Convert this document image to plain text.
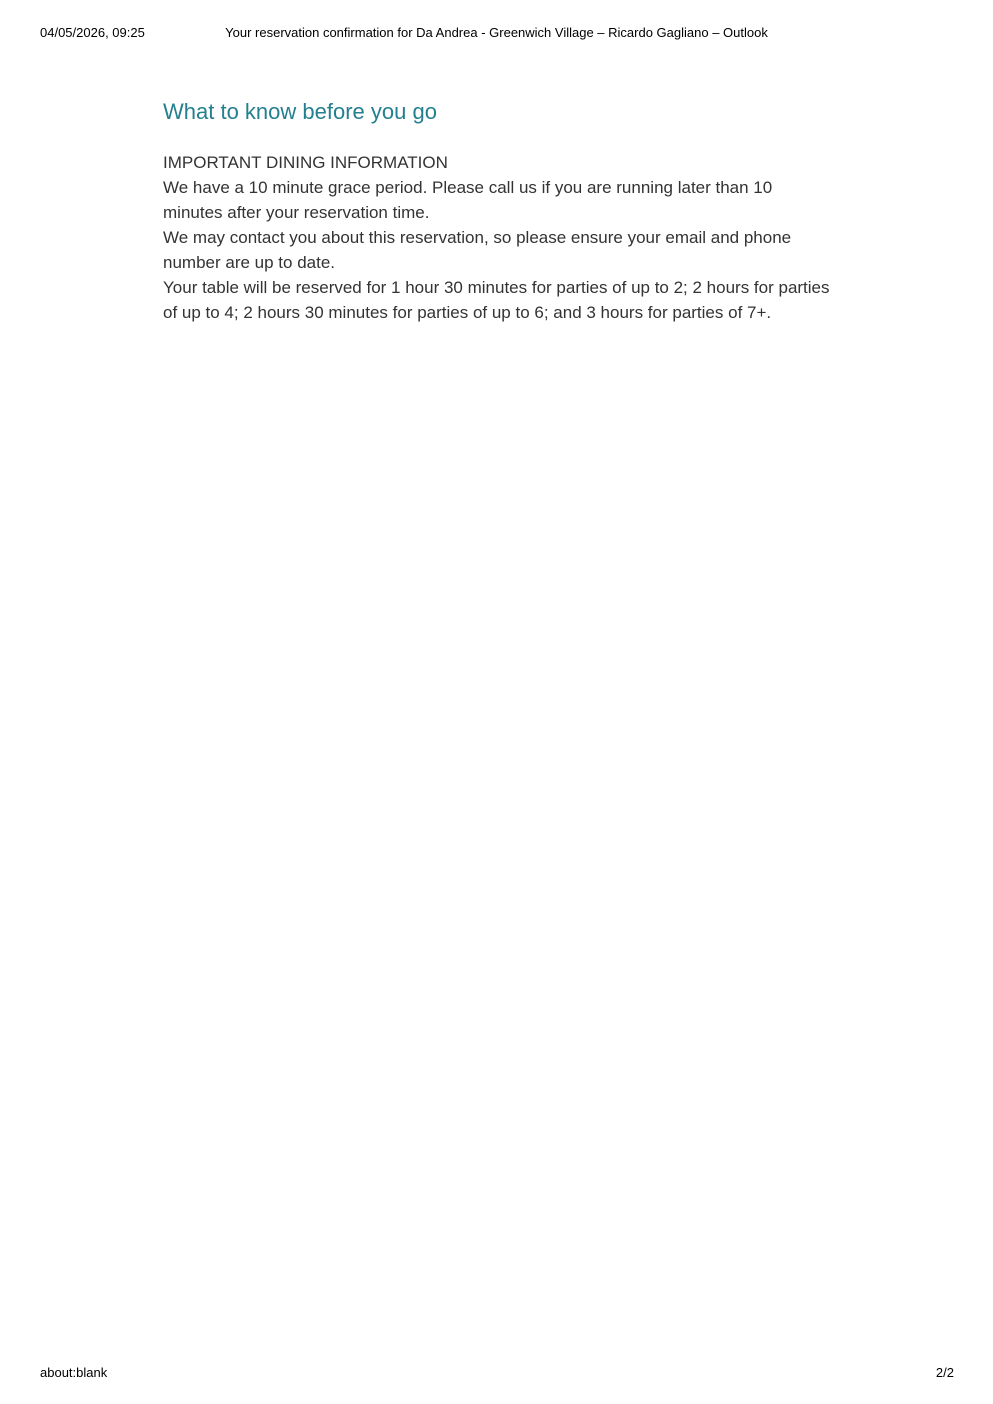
04/05/2026, 09:25	Your reservation confirmation for Da Andrea - Greenwich Village – Ricardo Gagliano – Outlook
What to know before you go

IMPORTANT DINING INFORMATION

We have a 10 minute grace period. Please call us if you are running later than 10 minutes after your reservation time.

We may contact you about this reservation, so please ensure your email and phone number are up to date.

Your table will be reserved for 1 hour 30 minutes for parties of up to 2; 2 hours for parties of up to 4; 2 hours 30 minutes for parties of up to 6; and 3 hours for parties of 7+.

about:blank	2/2
